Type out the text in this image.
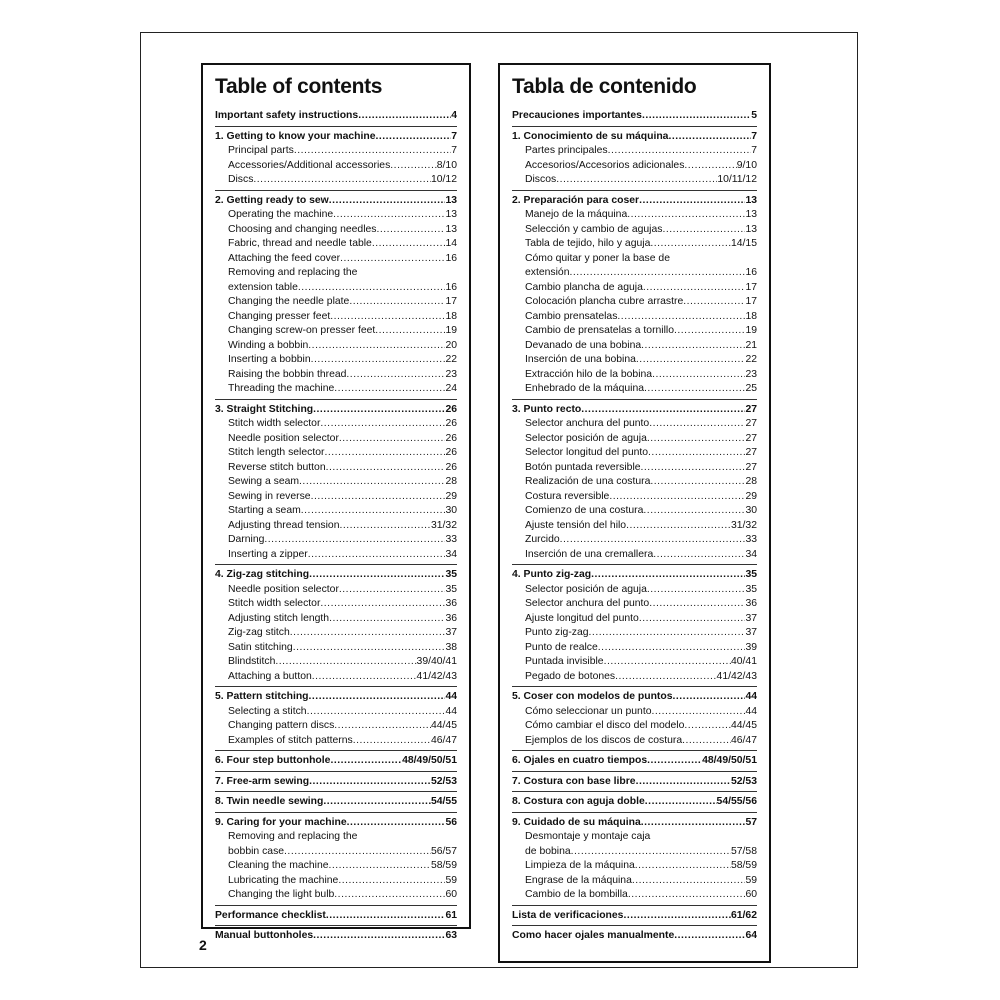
Table of contents
Important safety instructions .....	4
1. Getting to know your machine .....	7
Principal parts .....	7
Accessories/Additional accessories .....	8/10
Discs .....	10/12
2. Getting ready to sew .....	13
Operating the machine .....	13
Choosing and changing needles .....	13
Fabric, thread and needle table .....	14
Attaching the feed cover .....	16
Removing and replacing the
extension table .....	16
Changing the needle plate .....	17
Changing presser feet .....	18
Changing screw-on presser feet .....	19
Winding a bobbin .....	20
Inserting a bobbin .....	22
Raising the bobbin thread .....	23
Threading the machine .....	24
3. Straight Stitching .....	26
Stitch width selector .....	26
Needle position selector .....	26
Stitch length selector .....	26
Reverse stitch button .....	26
Sewing a seam .....	28
Sewing in reverse .....	29
Starting a seam .....	30
Adjusting thread tension .....	31/32
Darning .....	33
Inserting a zipper .....	34
4. Zig-zag stitching .....	35
Needle position selector .....	35
Stitch width selector .....	36
Adjusting stitch length .....	36
Zig-zag stitch .....	37
Satin stitching .....	38
Blindstitch .....	39/40/41
Attaching a button .....	41/42/43
5. Pattern stitching .....	44
Selecting a stitch .....	44
Changing pattern discs .....	44/45
Examples of stitch patterns .....	46/47
6. Four step buttonhole .....	48/49/50/51
7. Free-arm sewing .....	52/53
8. Twin needle sewing .....	54/55
9. Caring for your machine .....	56
Removing and replacing the
bobbin case .....	56/57
Cleaning the machine .....	58/59
Lubricating the machine .....	59
Changing the light bulb .....	60
Performance checklist .....	61
Manual buttonholes .....	63
Tabla de contenido
Precauciones importantes .....	5
1. Conocimiento de su máquina .....	7
Partes principales .....	7
Accesorios/Accesorios adicionales .....	9/10
Discos .....	10/11/12
2. Preparación para coser .....	13
Manejo de la máquina .....	13
Selección y cambio de agujas .....	13
Tabla de tejido, hilo y aguja .....	14/15
Cómo quitar y poner la base de
extensión .....	16
Cambio plancha de aguja .....	17
Colocación plancha cubre arrastre .....	17
Cambio prensatelas .....	18
Cambio de prensatelas a tornillo .....	19
Devanado de una bobina .....	21
Inserción de una bobina .....	22
Extracción hilo de la bobina .....	23
Enhebrado de la máquina .....	25
3. Punto recto .....	27
Selector anchura del punto .....	27
Selector posición de aguja .....	27
Selector longitud del punto .....	27
Botón puntada reversible .....	27
Realización de una costura .....	28
Costura reversible .....	29
Comienzo de una costura .....	30
Ajuste tensión del hilo .....	31/32
Zurcido .....	33
Inserción de una cremallera .....	34
4. Punto zig-zag .....	35
Selector posición de aguja .....	35
Selector anchura del punto .....	36
Ajuste longitud del punto .....	37
Punto zig-zag .....	37
Punto de realce .....	39
Puntada invisible .....	40/41
Pegado de botones .....	41/42/43
5. Coser con modelos de puntos .....	44
Cómo seleccionar un punto .....	44
Cómo cambiar el disco del modelo .....	44/45
Ejemplos de los discos de costura .....	46/47
6. Ojales en cuatro tiempos .....	48/49/50/51
7. Costura con base libre .....	52/53
8. Costura con aguja doble .....	54/55/56
9. Cuidado de su máquina .....	57
Desmontaje y montaje caja
de bobina .....	57/58
Limpieza de la máquina .....	58/59
Engrase de la máquina .....	59
Cambio de la bombilla .....	60
Lista de verificaciones .....	61/62
Como hacer ojales manualmente .....	64
2
